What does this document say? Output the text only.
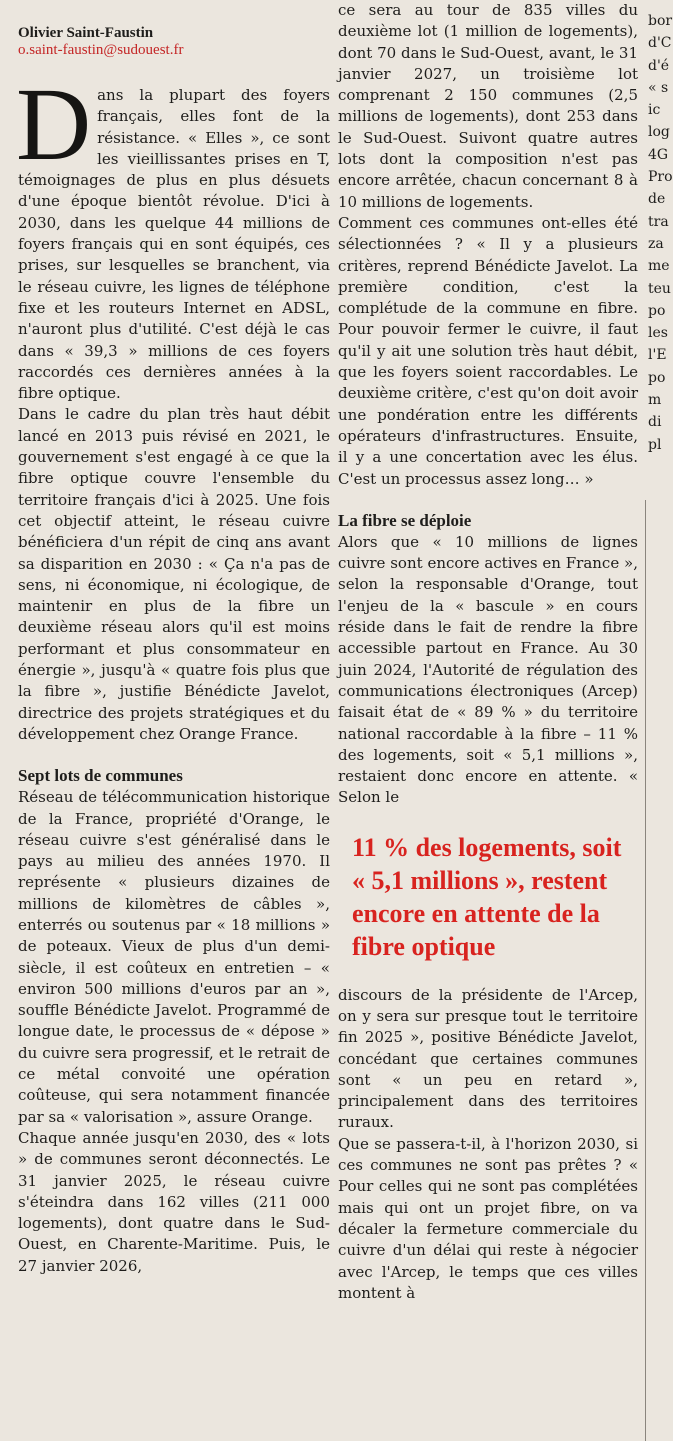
Olivier Saint-Faustin
o.saint-faustin@sudouest.fr

Dans la plupart des foyers français, elles font de la résistance. « Elles », ce sont les vieillissantes prises en T, témoignages de plus en plus désuets d'une époque bientôt révolue. D'ici à 2030, dans les quelque 44 millions de foyers français qui en sont équipés, ces prises, sur lesquelles se branchent, via le réseau cuivre, les lignes de téléphone fixe et les routeurs Internet en ADSL, n'auront plus d'utilité. C'est déjà le cas dans « 39,3 » millions de ces foyers raccordés ces dernières années à la fibre optique.

Dans le cadre du plan très haut débit lancé en 2013 puis révisé en 2021, le gouvernement s'est engagé à ce que la fibre optique couvre l'ensemble du territoire français d'ici à 2025. Une fois cet objectif atteint, le réseau cuivre bénéficiera d'un répit de cinq ans avant sa disparition en 2030 : « Ça n'a pas de sens, ni économique, ni écologique, de maintenir en plus de la fibre un deuxième réseau alors qu'il est moins performant et plus consommateur en énergie », jusqu'à « quatre fois plus que la fibre », justifie Bénédicte Javelot, directrice des projets stratégiques et du développement chez Orange France.

Sept lots de communes

Réseau de télécommunication historique de la France, propriété d'Orange, le réseau cuivre s'est généralisé dans le pays au milieu des années 1970. Il représente « plusieurs dizaines de millions de kilomètres de câbles », enterrés ou soutenus par « 18 millions » de poteaux. Vieux de plus d'un demi-siècle, il est coûteux en entretien – « environ 500 millions d'euros par an », souffle Bénédicte Javelot. Programmé de longue date, le processus de « dépose » du cuivre sera progressif, et le retrait de ce métal convoité une opération coûteuse, qui sera notamment financée par sa « valorisation », assure Orange.

Chaque année jusqu'en 2030, des « lots » de communes seront déconnectés. Le 31 janvier 2025, le réseau cuivre s'éteindra dans 162 villes (211 000 logements), dont quatre dans le Sud-Ouest, en Charente-Maritime. Puis, le 27 janvier 2026,

ce sera au tour de 835 villes du deuxième lot (1 million de logements), dont 70 dans le Sud-Ouest, avant, le 31 janvier 2027, un troisième lot comprenant 2 150 communes (2,5 millions de logements), dont 253 dans le Sud-Ouest. Suivont quatre autres lots dont la composition n'est pas encore arrêtée, chacun concernant 8 à 10 millions de logements.

Comment ces communes ont-elles été sélectionnées ? « Il y a plusieurs critères, reprend Bénédicte Javelot. La première condition, c'est la complétude de la commune en fibre. Pour pouvoir fermer le cuivre, il faut qu'il y ait une solution très haut débit, que les foyers soient raccordables. Le deuxième critère, c'est qu'on doit avoir une pondération entre les différents opérateurs d'infrastructures. Ensuite, il y a une concertation avec les élus. C'est un processus assez long… »

La fibre se déploie

Alors que « 10 millions de lignes cuivre sont encore actives en France », selon la responsable d'Orange, tout l'enjeu de la « bascule » en cours réside dans le fait de rendre la fibre accessible partout en France. Au 30 juin 2024, l'Autorité de régulation des communications électroniques (Arcep) faisait état de « 89 % » du territoire national raccordable à la fibre – 11 % des logements, soit « 5,1 millions », restaient donc encore en attente. « Selon le

11 % des logements, soit « 5,1 millions », restent encore en attente de la fibre optique

discours de la présidente de l'Arcep, on y sera sur presque tout le territoire fin 2025 », positive Bénédicte Javelot, concédant que certaines communes sont « un peu en retard », principalement dans des territoires ruraux.

Que se passera-t-il, à l'horizon 2030, si ces communes ne sont pas prêtes ? « Pour celles qui ne sont pas complétées mais qui ont un projet fibre, on va décaler la fermeture commerciale du cuivre d'un délai qui reste à négocier avec l'Arcep, le temps que ces villes montent à

bor
d'C
d'é
« s
ic
log
4G
Pro
de
tra
za
me
teu
po
les
l'E
po
m
di
pl
